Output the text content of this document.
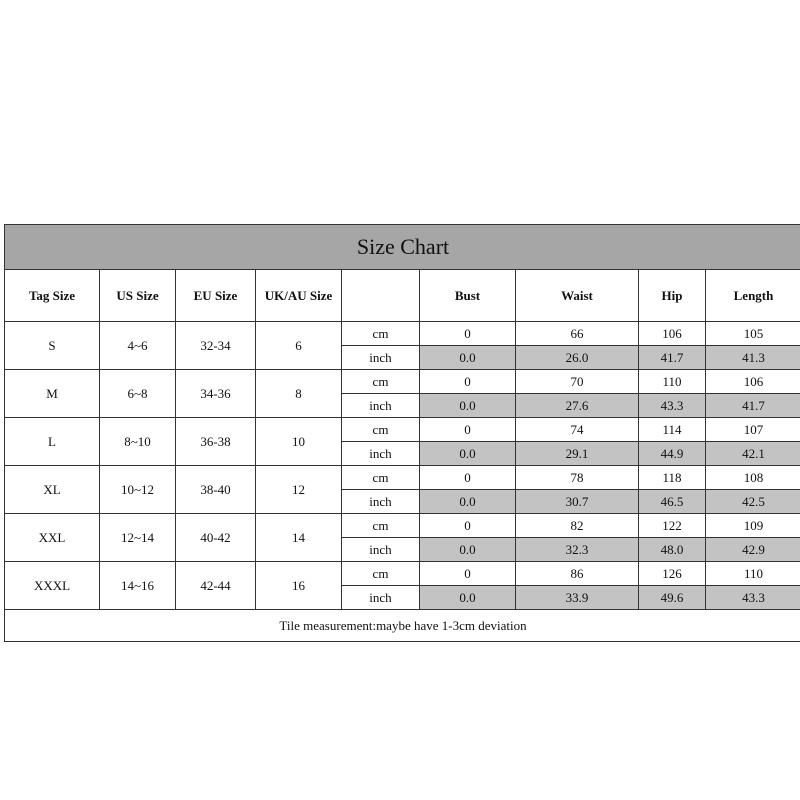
Size Chart								
Tag Size	US Size	EU Size	UK/AU Size		Bust	Waist	Hip	Length
S	4~6	32-34	6	cm	0	66	106	105
				inch	0.0	26.0	41.7	41.3
M	6~8	34-36	8	cm	0	70	110	106
				inch	0.0	27.6	43.3	41.7
L	8~10	36-38	10	cm	0	74	114	107
				inch	0.0	29.1	44.9	42.1
XL	10~12	38-40	12	cm	0	78	118	108
				inch	0.0	30.7	46.5	42.5
XXL	12~14	40-42	14	cm	0	82	122	109
				inch	0.0	32.3	48.0	42.9
XXXL	14~16	42-44	16	cm	0	86	126	110
				inch	0.0	33.9	49.6	43.3
Tile measurement:maybe have 1-3cm deviation								
